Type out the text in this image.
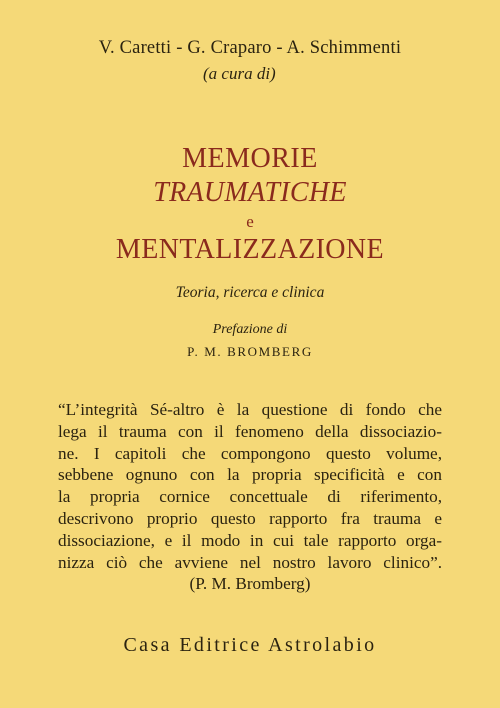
V. Caretti - G. Craparo - A. Schimmenti
(a cura di)
MEMORIE
TRAUMATICHE
e
MENTALIZZAZIONE
Teoria, ricerca e clinica
Prefazione di
P. M. BROMBERG
“L’integrità Sé-altro è la questione di fondo che
lega il trauma con il fenomeno della dissociazio-
ne. I capitoli che compongono questo volume,
sebbene ognuno con la propria specificità e con
la propria cornice concettuale di riferimento,
descrivono proprio questo rapporto fra trauma e
dissociazione, e il modo in cui tale rapporto orga-
nizza ciò che avviene nel nostro lavoro clinico”.
(P. M. Bromberg)
Casa Editrice Astrolabio
